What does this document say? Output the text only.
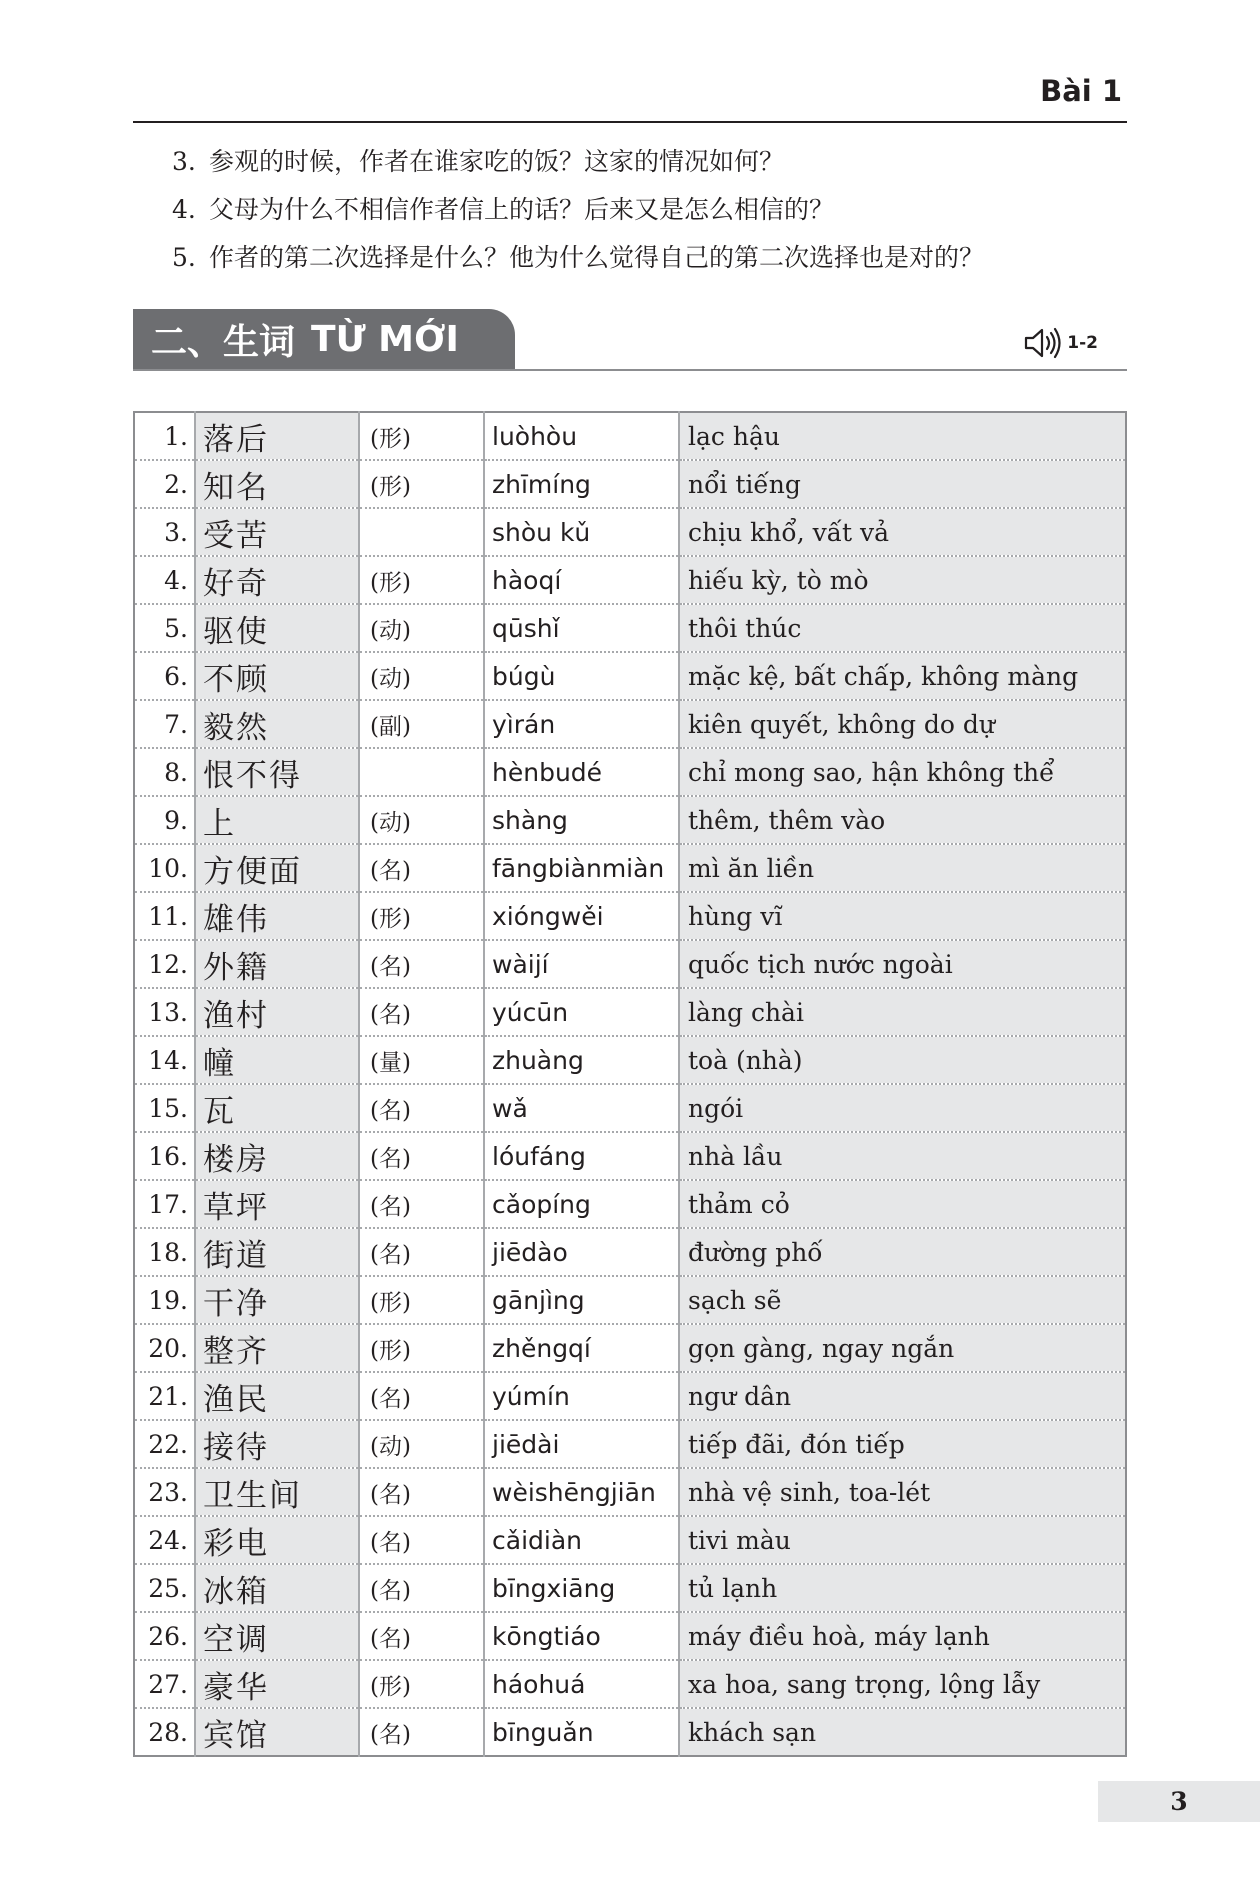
Bài 1
3. 参观的时候，作者在谁家吃的饭？这家的情况如何？
4. 父母为什么不相信作者信上的话？后来又是怎么相信的？
5. 作者的第二次选择是什么？他为什么觉得自己的第二次选择也是对的？
二、生词 TỪ MỚI	1-2
1.	落后	(形)	luòhòu	lạc hậu
2.	知名	(形)	zhīmíng	nổi tiếng
3.	受苦		shòu kǔ	chịu khổ, vất vả
4.	好奇	(形)	hàoqí	hiếu kỳ, tò mò
5.	驱使	(动)	qūshǐ	thôi thúc
6.	不顾	(动)	búgù	mặc kệ, bất chấp, không màng
7.	毅然	(副)	yìrán	kiên quyết, không do dự
8.	恨不得		hènbudé	chỉ mong sao, hận không thể
9.	上	(动)	shàng	thêm, thêm vào
10.	方便面	(名)	fāngbiànmiàn	mì ăn liền
11.	雄伟	(形)	xióngwěi	hùng vĩ
12.	外籍	(名)	wàijí	quốc tịch nước ngoài
13.	渔村	(名)	yúcūn	làng chài
14.	幢	(量)	zhuàng	toà (nhà)
15.	瓦	(名)	wǎ	ngói
16.	楼房	(名)	lóufáng	nhà lầu
17.	草坪	(名)	cǎopíng	thảm cỏ
18.	街道	(名)	jiēdào	đường phố
19.	干净	(形)	gānjìng	sạch sẽ
20.	整齐	(形)	zhěngqí	gọn gàng, ngay ngắn
21.	渔民	(名)	yúmín	ngư dân
22.	接待	(动)	jiēdài	tiếp đãi, đón tiếp
23.	卫生间	(名)	wèishēngjiān	nhà vệ sinh, toa-lét
24.	彩电	(名)	cǎidiàn	tivi màu
25.	冰箱	(名)	bīngxiāng	tủ lạnh
26.	空调	(名)	kōngtiáo	máy điều hoà, máy lạnh
27.	豪华	(形)	háohuá	xa hoa, sang trọng, lộng lẫy
28.	宾馆	(名)	bīnguǎn	khách sạn
3
